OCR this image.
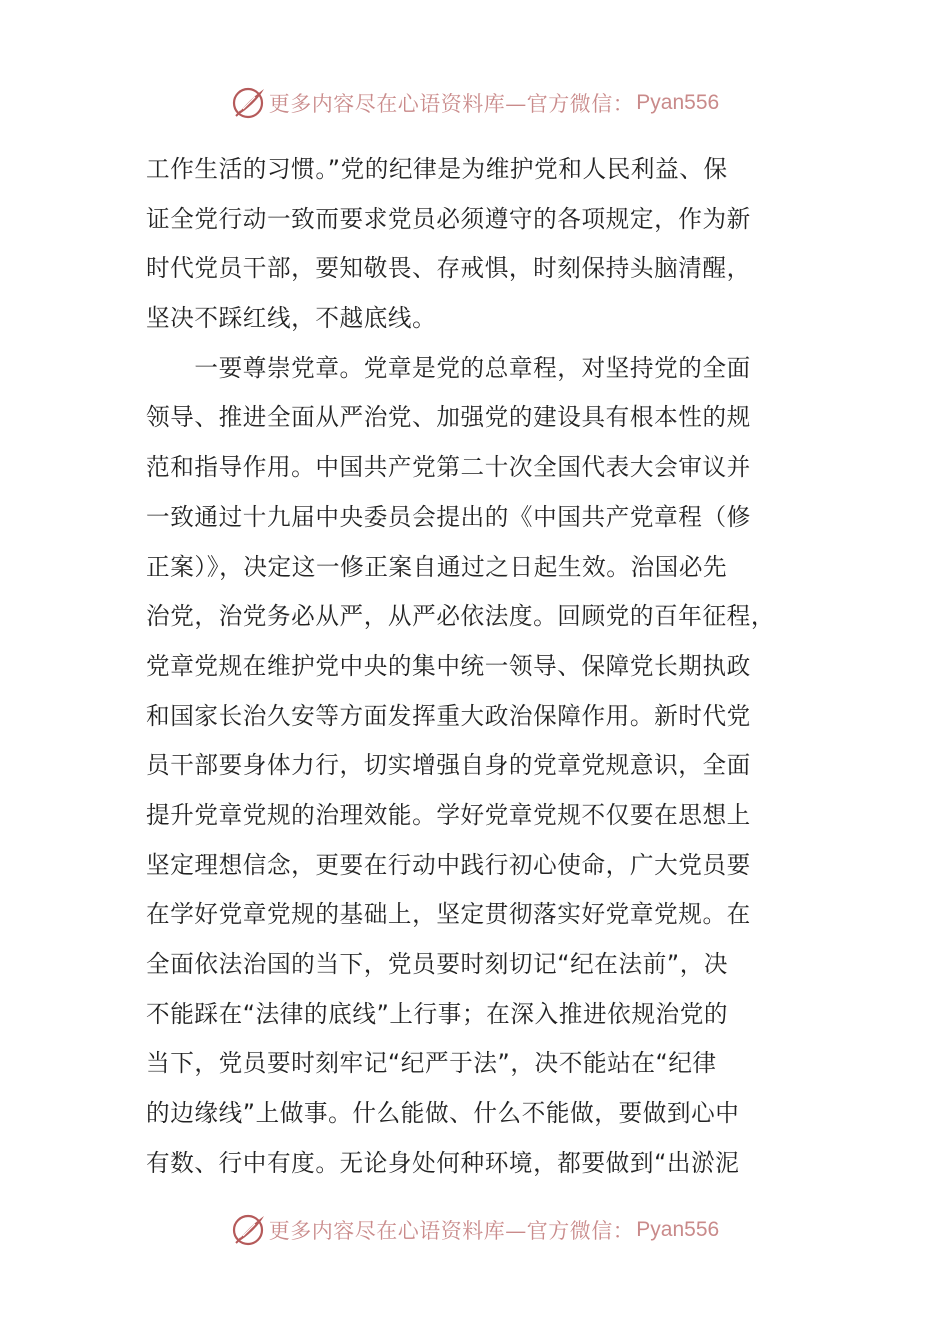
更多内容尽在心语资料库—官方微信： Pyan556
工作生活的习惯。”党的纪律是为维护党和人民利益、保
证全党行动一致而要求党员必须遵守的各项规定，作为新
时代党员干部，要知敬畏、存戒惧，时刻保持头脑清醒，
坚决不踩红线，不越底线。
　　一要尊崇党章。党章是党的总章程，对坚持党的全面
领导、推进全面从严治党、加强党的建设具有根本性的规
范和指导作用。中国共产党第二十次全国代表大会审议并
一致通过十九届中央委员会提出的《中国共产党章程（修
正案）》，决定这一修正案自通过之日起生效。治国必先
治党，治党务必从严，从严必依法度。回顾党的百年征程，
党章党规在维护党中央的集中统一领导、保障党长期执政
和国家长治久安等方面发挥重大政治保障作用。新时代党
员干部要身体力行，切实增强自身的党章党规意识，全面
提升党章党规的治理效能。学好党章党规不仅要在思想上
坚定理想信念，更要在行动中践行初心使命，广大党员要
在学好党章党规的基础上，坚定贯彻落实好党章党规。在
全面依法治国的当下，党员要时刻切记“纪在法前”，决
不能踩在“法律的底线”上行事；在深入推进依规治党的
当下，党员要时刻牢记“纪严于法”，决不能站在“纪律
的边缘线”上做事。什么能做、什么不能做，要做到心中
有数、行中有度。无论身处何种环境，都要做到“出淤泥
更多内容尽在心语资料库—官方微信： Pyan556
